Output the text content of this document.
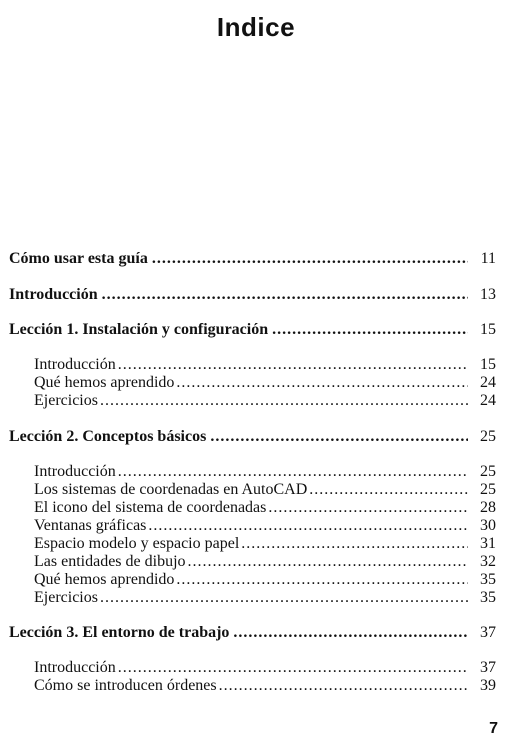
Indice
Cómo usar esta guía .....	11
Introducción .....	13
Lección 1. Instalación y configuración .....	15
Introducción .....	15
Qué hemos aprendido .....	24
Ejercicios .....	24
Lección 2. Conceptos básicos .....	25
Introducción .....	25
Los sistemas de coordenadas en AutoCAD .....	25
El icono del sistema de coordenadas .....	28
Ventanas gráficas .....	30
Espacio modelo y espacio papel .....	31
Las entidades de dibujo .....	32
Qué hemos aprendido .....	35
Ejercicios .....	35
Lección 3. El entorno de trabajo .....	37
Introducción .....	37
Cómo se introducen órdenes .....	39
7
